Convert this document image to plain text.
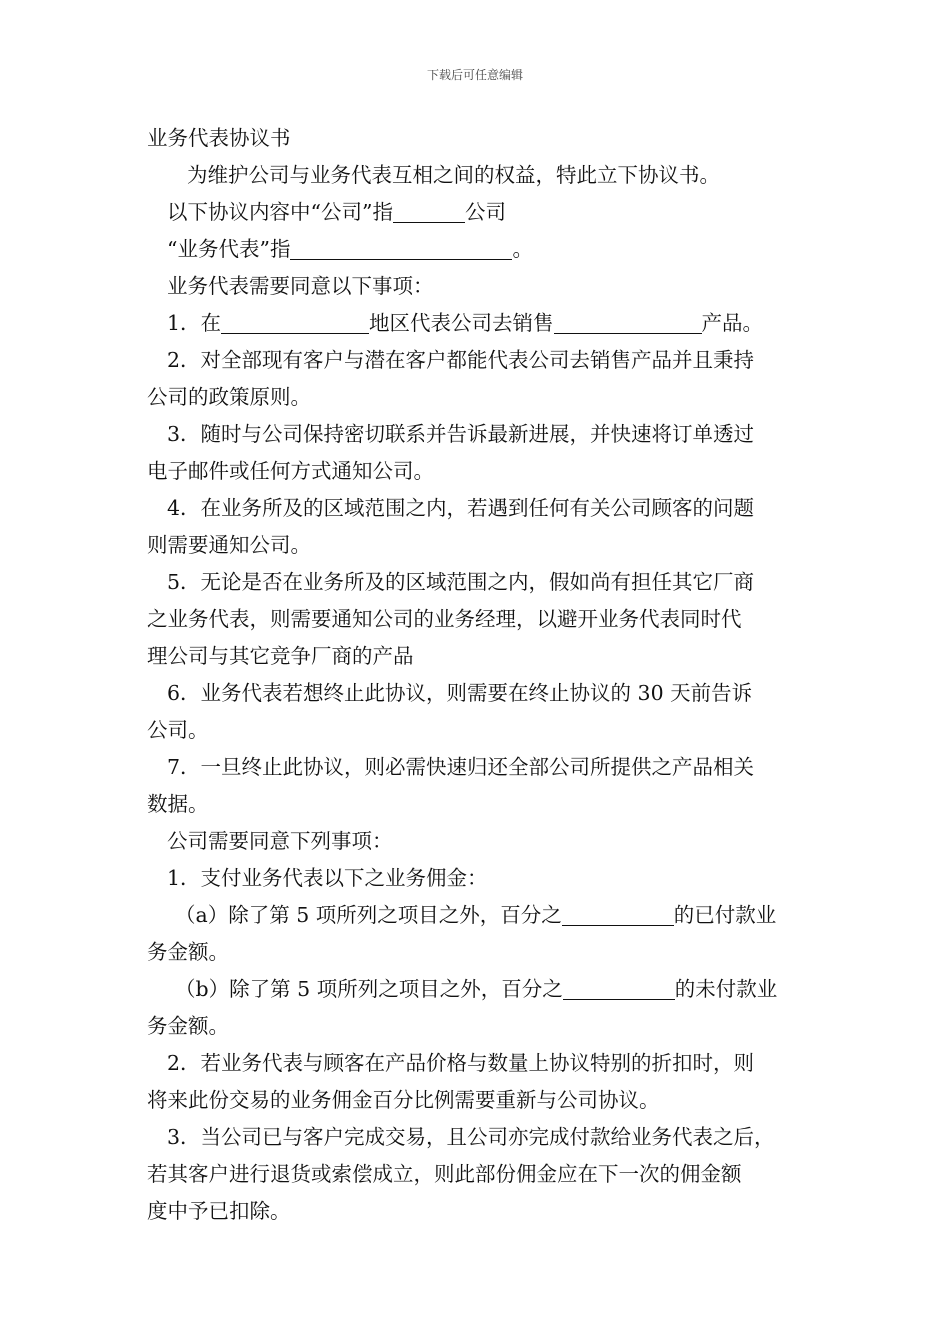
下载后可任意编辑

业务代表协议书

为维护公司与业务代表互相之间的权益，特此立下协议书。

以下协议内容中“公司”指	公司

“业务代表”指	。

业务代表需要同意以下事项：

1．在	地区代表公司去销售	产品。

2．对全部现有客户与潜在客户都能代表公司去销售产品并且秉持

公司的政策原则。

3．随时与公司保持密切联系并告诉最新进展，并快速将订单透过

电子邮件或任何方式通知公司。

4．在业务所及的区域范围之内，若遇到任何有关公司顾客的问题

则需要通知公司。

5．无论是否在业务所及的区域范围之内，假如尚有担任其它厂商

之业务代表，则需要通知公司的业务经理，以避开业务代表同时代

理公司与其它竞争厂商的产品

6．业务代表若想终止此协议，则需要在终止协议的 30 天前告诉

公司。

7．一旦终止此协议，则必需快速归还全部公司所提供之产品相关

数据。

公司需要同意下列事项：

1．支付业务代表以下之业务佣金：

（a）除了第 5 项所列之项目之外，百分之	的已付款业

务金额。

（b）除了第 5 项所列之项目之外，百分之	的未付款业

务金额。

2．若业务代表与顾客在产品价格与数量上协议特别的折扣时，则

将来此份交易的业务佣金百分比例需要重新与公司协议。

3．当公司已与客户完成交易，且公司亦完成付款给业务代表之后，

若其客户进行退货或索偿成立，则此部份佣金应在下一次的佣金额

度中予已扣除。
